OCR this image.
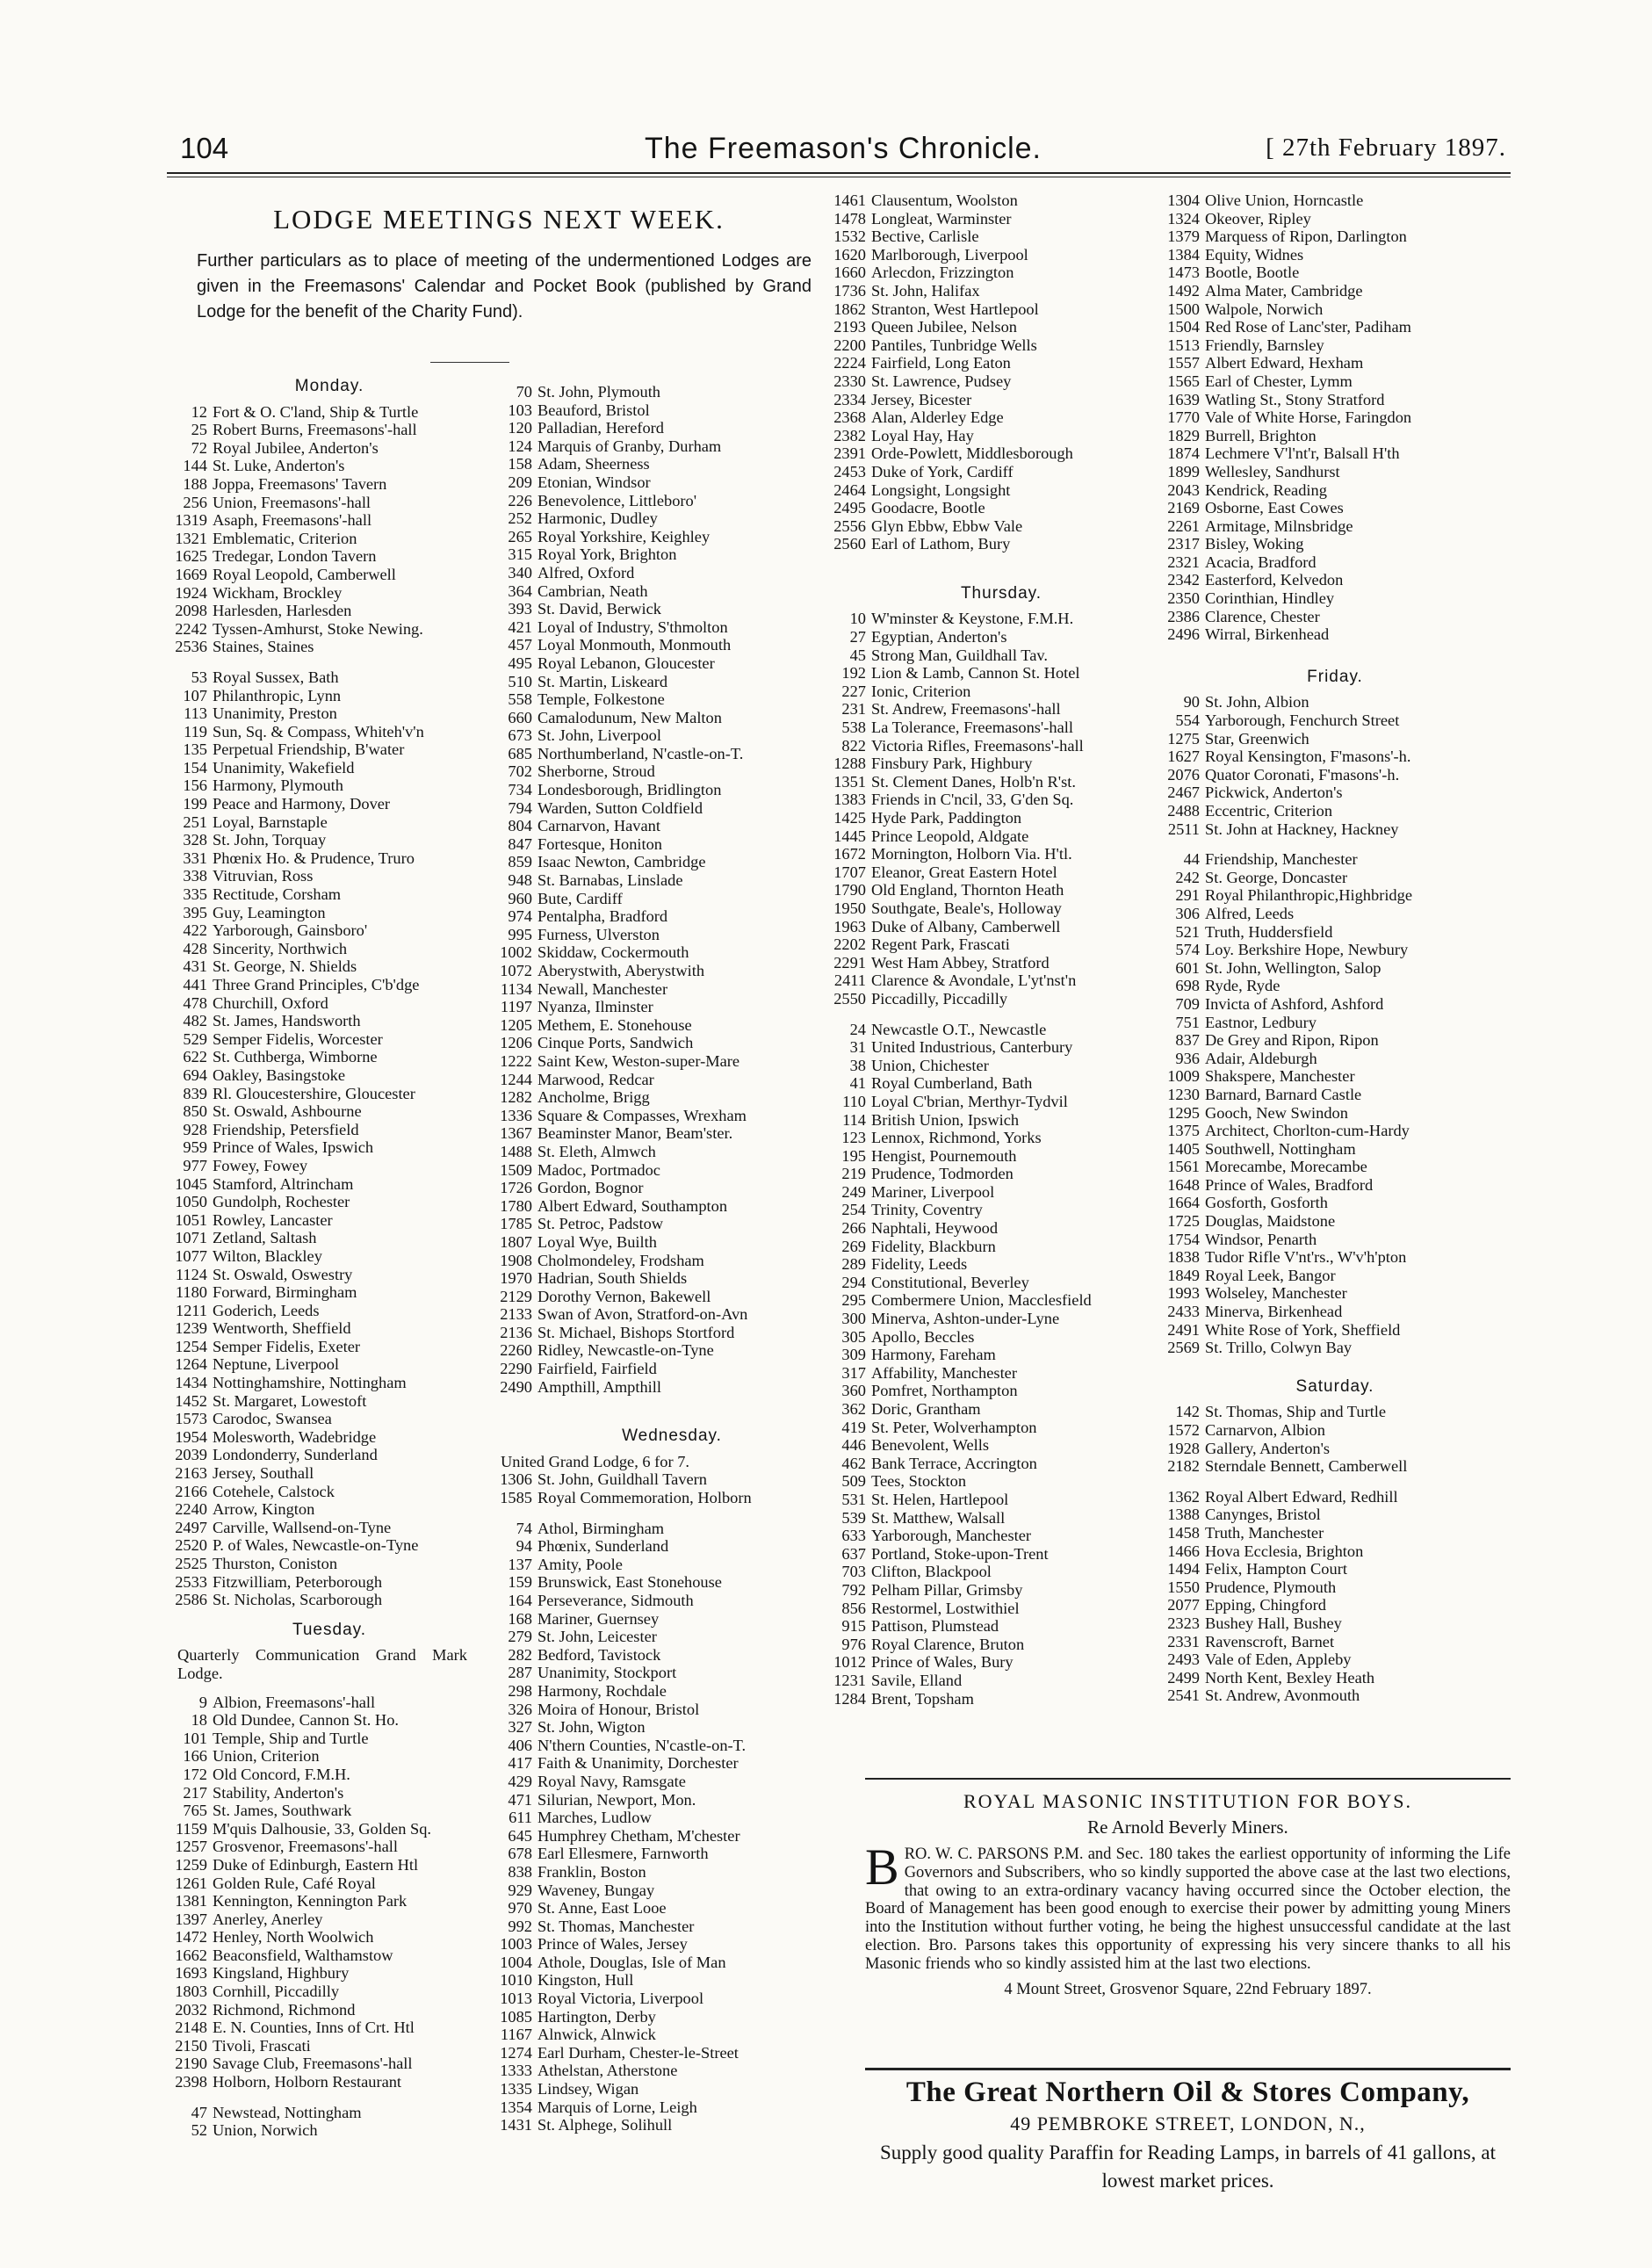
104	The Freemason's Chronicle.	[ 27th February 1897.
LODGE MEETINGS NEXT WEEK.
Further particulars as to place of meeting of the undermentioned Lodges are given in the Freemasons' Calendar and Pocket Book (published by Grand Lodge for the benefit of the Charity Fund).
Monday.
12 Fort & O. C'land, Ship & Turtle
25 Robert Burns, Freemasons'-hall
72 Royal Jubilee, Anderton's
144 St. Luke, Anderton's
188 Joppa, Freemasons' Tavern
256 Union, Freemasons'-hall
1319 Asaph, Freemasons'-hall
1321 Emblematic, Criterion
1625 Tredegar, London Tavern
1669 Royal Leopold, Camberwell
1924 Wickham, Brockley
2098 Harlesden, Harlesden
2242 Tyssen-Amhurst, Stoke Newing.
2536 Staines, Staines
53 Royal Sussex, Bath
107 Philanthropic, Lynn
113 Unanimity, Preston
119 Sun, Sq. & Compass, Whiteh'v'n
135 Perpetual Friendship, B'water
154 Unanimity, Wakefield
156 Harmony, Plymouth
199 Peace and Harmony, Dover
251 Loyal, Barnstaple
328 St. John, Torquay
331 Phœnix Ho. & Prudence, Truro
338 Vitruvian, Ross
335 Rectitude, Corsham
395 Guy, Leamington
422 Yarborough, Gainsboro'
428 Sincerity, Northwich
431 St. George, N. Shields
441 Three Grand Principles, C'b'dge
478 Churchill, Oxford
482 St. James, Handsworth
529 Semper Fidelis, Worcester
622 St. Cuthberga, Wimborne
694 Oakley, Basingstoke
839 Rl. Gloucestershire, Gloucester
850 St. Oswald, Ashbourne
928 Friendship, Petersfield
959 Prince of Wales, Ipswich
977 Fowey, Fowey
1045 Stamford, Altrincham
1050 Gundolph, Rochester
1051 Rowley, Lancaster
1071 Zetland, Saltash
1077 Wilton, Blackley
1124 St. Oswald, Oswestry
1180 Forward, Birmingham
1211 Goderich, Leeds
1239 Wentworth, Sheffield
1254 Semper Fidelis, Exeter
1264 Neptune, Liverpool
1434 Nottinghamshire, Nottingham
1452 St. Margaret, Lowestoft
1573 Carodoc, Swansea
1954 Molesworth, Wadebridge
2039 Londonderry, Sunderland
2163 Jersey, Southall
2166 Cotehele, Calstock
2240 Arrow, Kington
2497 Carville, Wallsend-on-Tyne
2520 P. of Wales, Newcastle-on-Tyne
2525 Thurston, Coniston
2533 Fitzwilliam, Peterborough
2586 St. Nicholas, Scarborough
Tuesday.
Quarterly Communication Grand Mark Lodge.
9 Albion, Freemasons'-hall
18 Old Dundee, Cannon St. Ho.
101 Temple, Ship and Turtle
166 Union, Criterion
172 Old Concord, F.M.H.
217 Stability, Anderton's
765 St. James, Southwark
1159 M'quis Dalhousie, 33, Golden Sq.
1257 Grosvenor, Freemasons'-hall
1259 Duke of Edinburgh, Eastern Htl
1261 Golden Rule, Café Royal
1381 Kennington, Kennington Park
1397 Anerley, Anerley
1472 Henley, North Woolwich
1662 Beaconsfield, Walthamstow
1693 Kingsland, Highbury
1803 Cornhill, Piccadilly
2032 Richmond, Richmond
2148 E. N. Counties, Inns of Crt. Htl
2150 Tivoli, Frascati
2190 Savage Club, Freemasons'-hall
2398 Holborn, Holborn Restaurant
47 Newstead, Nottingham
52 Union, Norwich
70 St. John, Plymouth
103 Beauford, Bristol
120 Palladian, Hereford
124 Marquis of Granby, Durham
158 Adam, Sheerness
209 Etonian, Windsor
226 Benevolence, Littleboro'
252 Harmonic, Dudley
265 Royal Yorkshire, Keighley
315 Royal York, Brighton
340 Alfred, Oxford
364 Cambrian, Neath
393 St. David, Berwick
421 Loyal of Industry, S'thmolton
457 Loyal Monmouth, Monmouth
495 Royal Lebanon, Gloucester
510 St. Martin, Liskeard
558 Temple, Folkestone
660 Camalodunum, New Malton
673 St. John, Liverpool
685 Northumberland, N'castle-on-T.
702 Sherborne, Stroud
734 Londesborough, Bridlington
794 Warden, Sutton Coldfield
804 Carnarvon, Havant
847 Fortesque, Honiton
859 Isaac Newton, Cambridge
948 St. Barnabas, Linslade
960 Bute, Cardiff
974 Pentalpha, Bradford
995 Furness, Ulverston
1002 Skiddaw, Cockermouth
1072 Aberystwith, Aberystwith
1134 Newall, Manchester
1197 Nyanza, Ilminster
1205 Methem, E. Stonehouse
1206 Cinque Ports, Sandwich
1222 Saint Kew, Weston-super-Mare
1244 Marwood, Redcar
1282 Ancholme, Brigg
1336 Square & Compasses, Wrexham
1367 Beaminster Manor, Beam'ster.
1488 St. Eleth, Almwch
1509 Madoc, Portmadoc
1726 Gordon, Bognor
1780 Albert Edward, Southampton
1785 St. Petroc, Padstow
1807 Loyal Wye, Builth
1908 Cholmondeley, Frodsham
1970 Hadrian, South Shields
2129 Dorothy Vernon, Bakewell
2133 Swan of Avon, Stratford-on-Avn
2136 St. Michael, Bishops Stortford
2260 Ridley, Newcastle-on-Tyne
2290 Fairfield, Fairfield
2490 Ampthill, Ampthill
Wednesday.
United Grand Lodge, 6 for 7.
1306 St. John, Guildhall Tavern
1585 Royal Commemoration, Holborn
74 Athol, Birmingham
94 Phœnix, Sunderland
137 Amity, Poole
159 Brunswick, East Stonehouse
164 Perseverance, Sidmouth
168 Mariner, Guernsey
279 St. John, Leicester
282 Bedford, Tavistock
287 Unanimity, Stockport
298 Harmony, Rochdale
326 Moira of Honour, Bristol
327 St. John, Wigton
406 N'thern Counties, N'castle-on-T.
417 Faith & Unanimity, Dorchester
429 Royal Navy, Ramsgate
471 Silurian, Newport, Mon.
611 Marches, Ludlow
645 Humphrey Chetham, M'chester
678 Earl Ellesmere, Farnworth
838 Franklin, Boston
929 Waveney, Bungay
970 St. Anne, East Looe
992 St. Thomas, Manchester
1003 Prince of Wales, Jersey
1004 Athole, Douglas, Isle of Man
1010 Kingston, Hull
1013 Royal Victoria, Liverpool
1085 Hartington, Derby
1167 Alnwick, Alnwick
1274 Earl Durham, Chester-le-Street
1333 Athelstan, Atherstone
1335 Lindsey, Wigan
1354 Marquis of Lorne, Leigh
1431 St. Alphege, Solihull
1461 Clausentum, Woolston
1478 Longleat, Warminster
1532 Bective, Carlisle
1620 Marlborough, Liverpool
1660 Arlecdon, Frizzington
1736 St. John, Halifax
1862 Stranton, West Hartlepool
2193 Queen Jubilee, Nelson
2200 Pantiles, Tunbridge Wells
2224 Fairfield, Long Eaton
2330 St. Lawrence, Pudsey
2334 Jersey, Bicester
2368 Alan, Alderley Edge
2382 Loyal Hay, Hay
2391 Orde-Powlett, Middlesborough
2453 Duke of York, Cardiff
2464 Longsight, Longsight
2495 Goodacre, Bootle
2556 Glyn Ebbw, Ebbw Vale
2560 Earl of Lathom, Bury
Thursday.
10 W'minster & Keystone, F.M.H.
27 Egyptian, Anderton's
45 Strong Man, Guildhall Tav.
192 Lion & Lamb, Cannon St. Hotel
227 Ionic, Criterion
231 St. Andrew, Freemasons'-hall
538 La Tolerance, Freemasons'-hall
822 Victoria Rifles, Freemasons'-hall
1288 Finsbury Park, Highbury
1351 St. Clement Danes, Holb'n R'st.
1383 Friends in C'ncil, 33, G'den Sq.
1425 Hyde Park, Paddington
1445 Prince Leopold, Aldgate
1672 Mornington, Holborn Via. H'tl.
1707 Eleanor, Great Eastern Hotel
1790 Old England, Thornton Heath
1950 Southgate, Beale's, Holloway
1963 Duke of Albany, Camberwell
2202 Regent Park, Frascati
2291 West Ham Abbey, Stratford
2411 Clarence & Avondale, L'yt'nst'n
2550 Piccadilly, Piccadilly
24 Newcastle O.T., Newcastle
31 United Industrious, Canterbury
38 Union, Chichester
41 Royal Cumberland, Bath
110 Loyal C'brian, Merthyr-Tydvil
114 British Union, Ipswich
123 Lennox, Richmond, Yorks
195 Hengist, Pournemouth
219 Prudence, Todmorden
249 Mariner, Liverpool
254 Trinity, Coventry
266 Naphtali, Heywood
269 Fidelity, Blackburn
289 Fidelity, Leeds
294 Constitutional, Beverley
295 Combermere Union, Macclesfield
300 Minerva, Ashton-under-Lyne
305 Apollo, Beccles
309 Harmony, Fareham
317 Affability, Manchester
360 Pomfret, Northampton
362 Doric, Grantham
419 St. Peter, Wolverhampton
446 Benevolent, Wells
462 Bank Terrace, Accrington
509 Tees, Stockton
531 St. Helen, Hartlepool
539 St. Matthew, Walsall
633 Yarborough, Manchester
637 Portland, Stoke-upon-Trent
703 Clifton, Blackpool
792 Pelham Pillar, Grimsby
856 Restormel, Lostwithiel
915 Pattison, Plumstead
976 Royal Clarence, Bruton
1012 Prince of Wales, Bury
1231 Savile, Elland
1284 Brent, Topsham
1304 Olive Union, Horncastle
1324 Okeover, Ripley
1379 Marquess of Ripon, Darlington
1384 Equity, Widnes
1473 Bootle, Bootle
1492 Alma Mater, Cambridge
1500 Walpole, Norwich
1504 Red Rose of Lanc'ster, Padiham
1513 Friendly, Barnsley
1557 Albert Edward, Hexham
1565 Earl of Chester, Lymm
1639 Watling St., Stony Stratford
1770 Vale of White Horse, Faringdon
1829 Burrell, Brighton
1874 Lechmere V'l'nt'r, Balsall H'th
1899 Wellesley, Sandhurst
2043 Kendrick, Reading
2169 Osborne, East Cowes
2261 Armitage, Milnsbridge
2317 Bisley, Woking
2321 Acacia, Bradford
2342 Easterford, Kelvedon
2350 Corinthian, Hindley
2386 Clarence, Chester
2496 Wirral, Birkenhead
Friday.
90 St. John, Albion
554 Yarborough, Fenchurch Street
1275 Star, Greenwich
1627 Royal Kensington, F'masons'-h.
2076 Quator Coronati, F'masons'-h.
2467 Pickwick, Anderton's
2488 Eccentric, Criterion
2511 St. John at Hackney, Hackney
44 Friendship, Manchester
242 St. George, Doncaster
291 Royal Philanthropic,Highbridge
306 Alfred, Leeds
521 Truth, Huddersfield
574 Loy. Berkshire Hope, Newbury
601 St. John, Wellington, Salop
698 Ryde, Ryde
709 Invicta of Ashford, Ashford
751 Eastnor, Ledbury
837 De Grey and Ripon, Ripon
936 Adair, Aldeburgh
1009 Shakspere, Manchester
1230 Barnard, Barnard Castle
1295 Gooch, New Swindon
1375 Architect, Chorlton-cum-Hardy
1405 Southwell, Nottingham
1561 Morecambe, Morecambe
1648 Prince of Wales, Bradford
1664 Gosforth, Gosforth
1725 Douglas, Maidstone
1754 Windsor, Penarth
1838 Tudor Rifle V'nt'rs., W'v'h'pton
1849 Royal Leek, Bangor
1993 Wolseley, Manchester
2433 Minerva, Birkenhead
2491 White Rose of York, Sheffield
2569 St. Trillo, Colwyn Bay
Saturday.
142 St. Thomas, Ship and Turtle
1572 Carnarvon, Albion
1928 Gallery, Anderton's
2182 Sterndale Bennett, Camberwell
1362 Royal Albert Edward, Redhill
1388 Canynges, Bristol
1458 Truth, Manchester
1466 Hova Ecclesia, Brighton
1494 Felix, Hampton Court
1550 Prudence, Plymouth
2077 Epping, Chingford
2323 Bushey Hall, Bushey
2331 Ravenscroft, Barnet
2493 Vale of Eden, Appleby
2499 North Kent, Bexley Heath
2541 St. Andrew, Avonmouth
ROYAL MASONIC INSTITUTION FOR BOYS.
Re Arnold Beverly Miners.

BRO. W. C. PARSONS P.M. and Sec. 180 takes the earliest opportunity of informing the Life Governors and Subscribers, who so kindly supported the above case at the last two elections, that owing to an extra-ordinary vacancy having occurred since the October election, the Board of Management has been good enough to exercise their power by admitting young Miners into the Institution without further voting, he being the highest unsuccessful candidate at the last election. Bro. Parsons takes this opportunity of expressing his very sincere thanks to all his Masonic friends who so kindly assisted him at the last two elections.

4 Mount Street, Grosvenor Square, 22nd February 1897.
The Great Northern Oil & Stores Company,
49 PEMBROKE STREET, LONDON, N.,
Supply good quality Paraffin for Reading Lamps, in barrels of 41 gallons, at lowest market prices.
